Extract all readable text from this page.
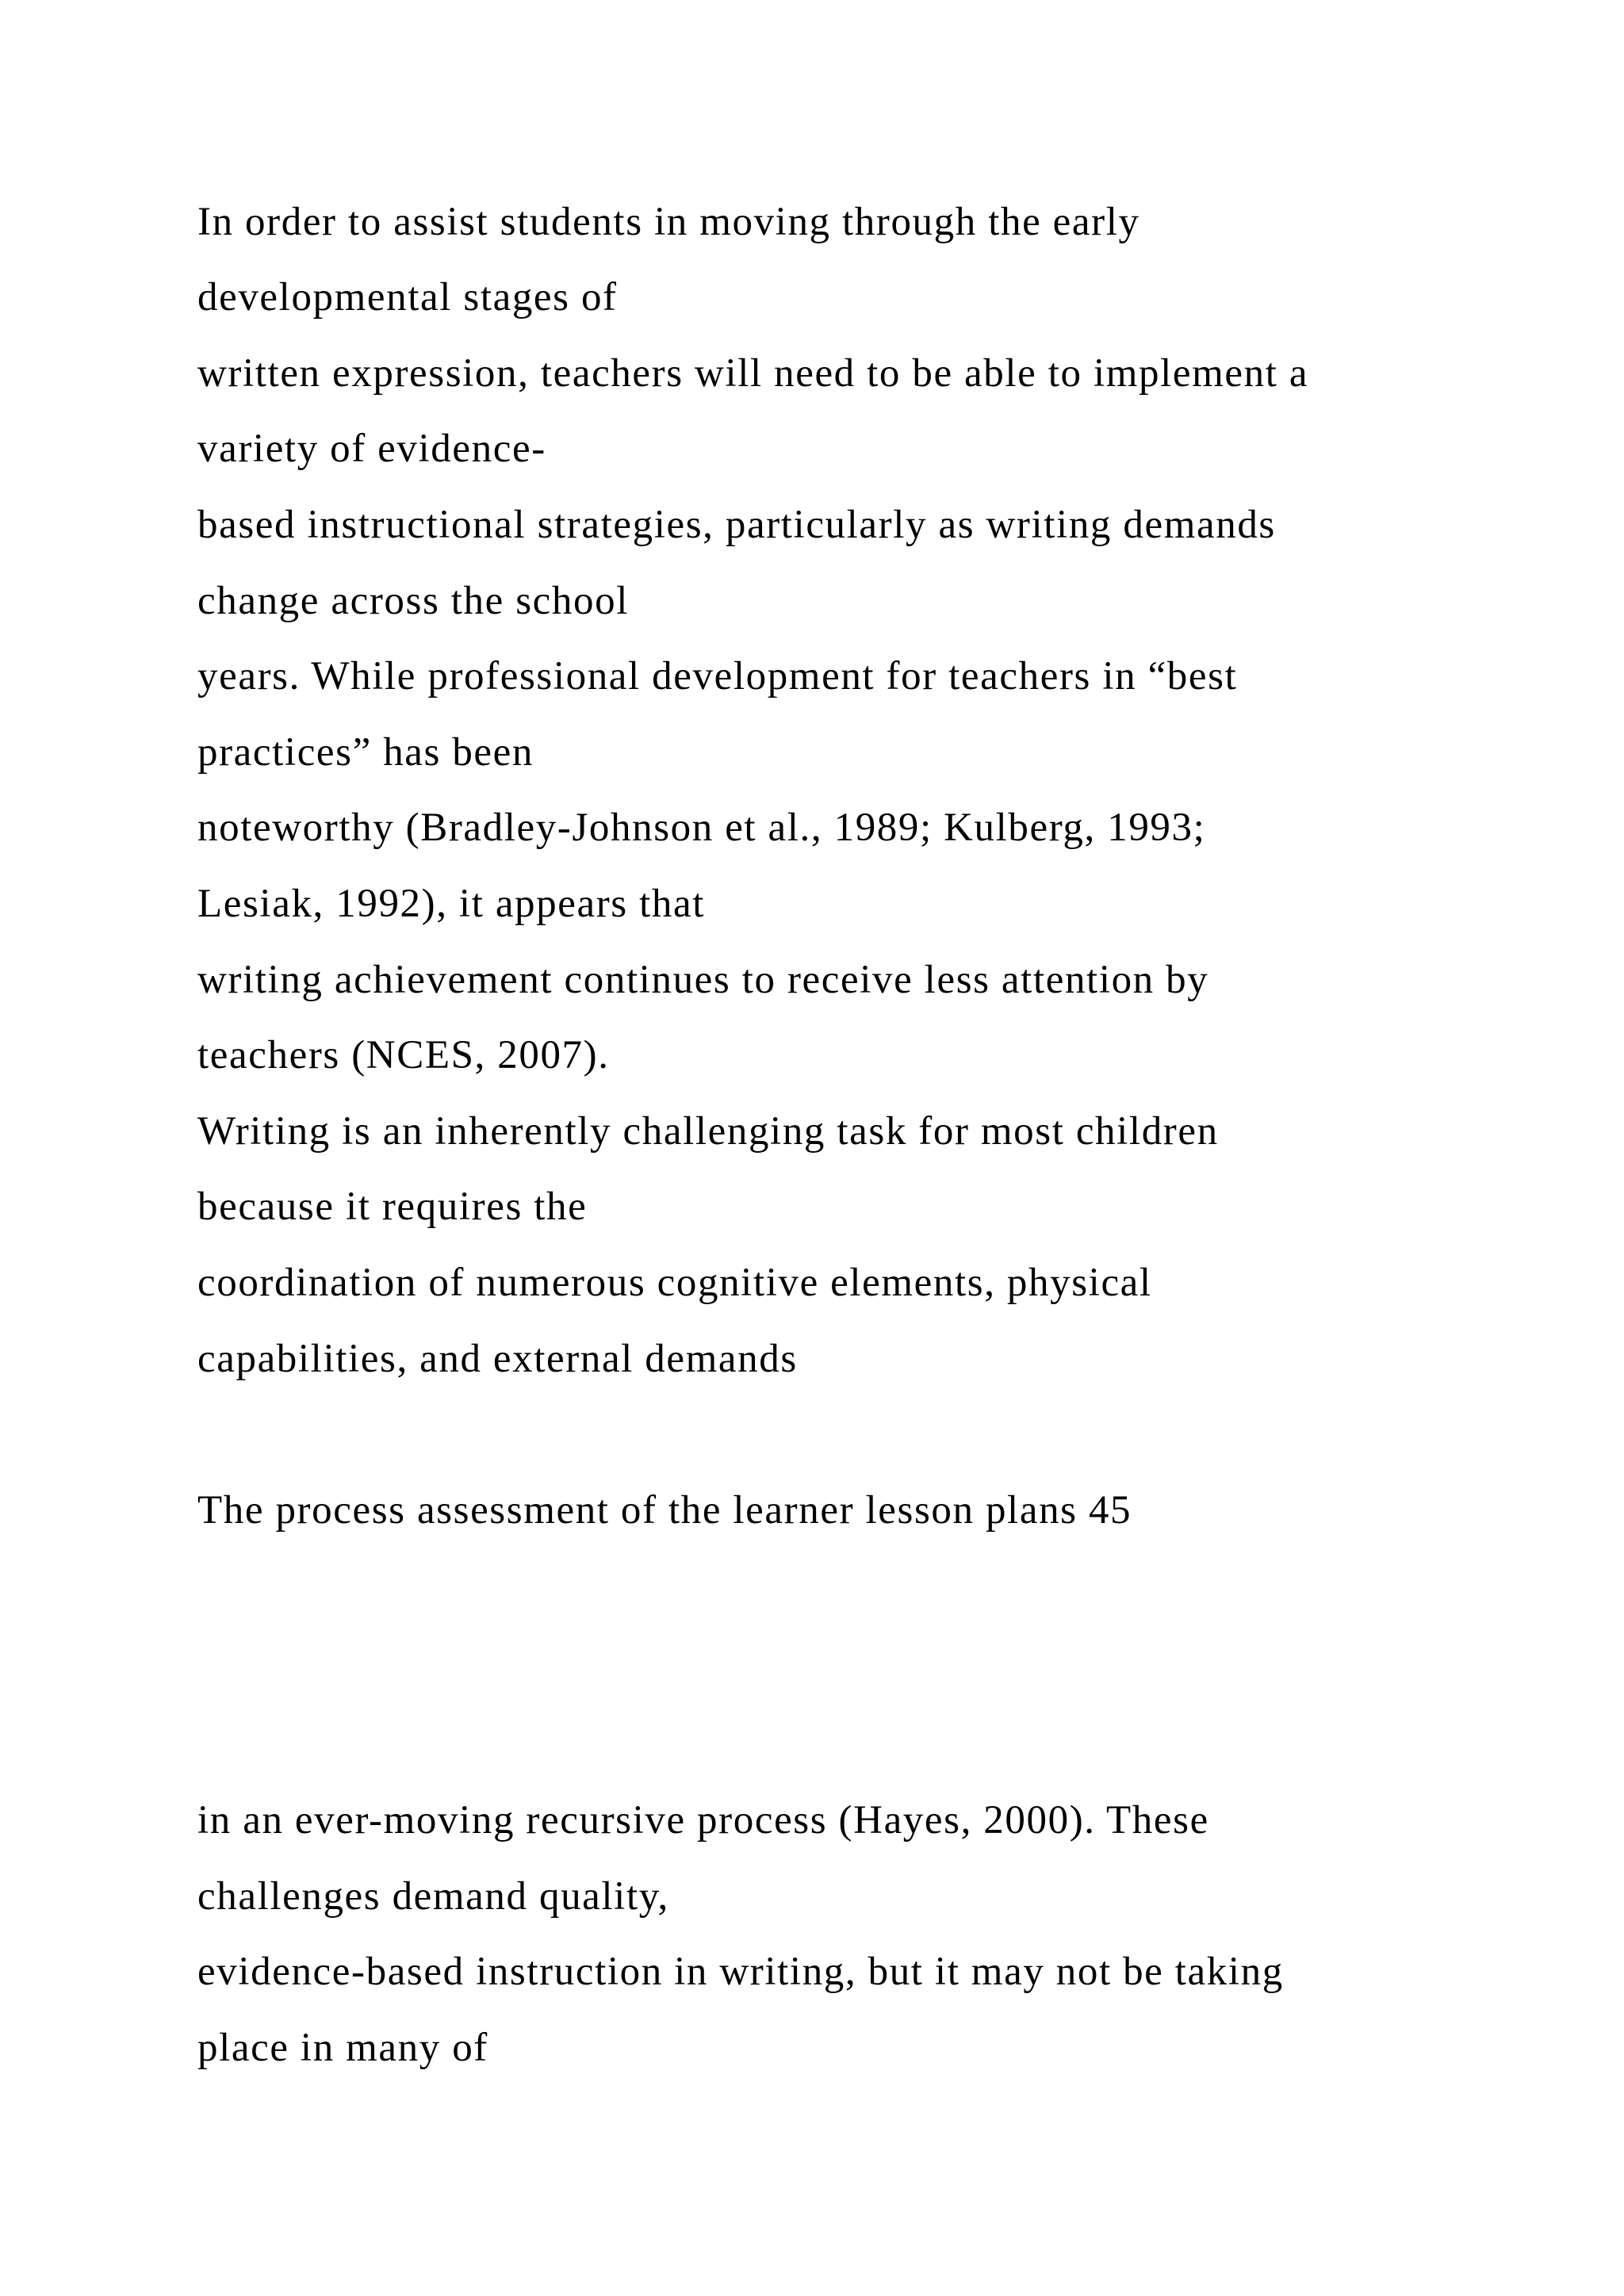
In order to assist students in moving through the early
developmental stages of
written expression, teachers will need to be able to implement a
variety of evidence-
based instructional strategies, particularly as writing demands
change across the school
years. While professional development for teachers in “best
practices” has been
noteworthy (Bradley-Johnson et al., 1989; Kulberg, 1993;
Lesiak, 1992), it appears that
writing achievement continues to receive less attention by
teachers (NCES, 2007).
Writing is an inherently challenging task for most children
because it requires the
coordination of numerous cognitive elements, physical
capabilities, and external demands
The process assessment of the learner lesson plans 45
in an ever-moving recursive process (Hayes, 2000). These
challenges demand quality,
evidence-based instruction in writing, but it may not be taking
place in many of
